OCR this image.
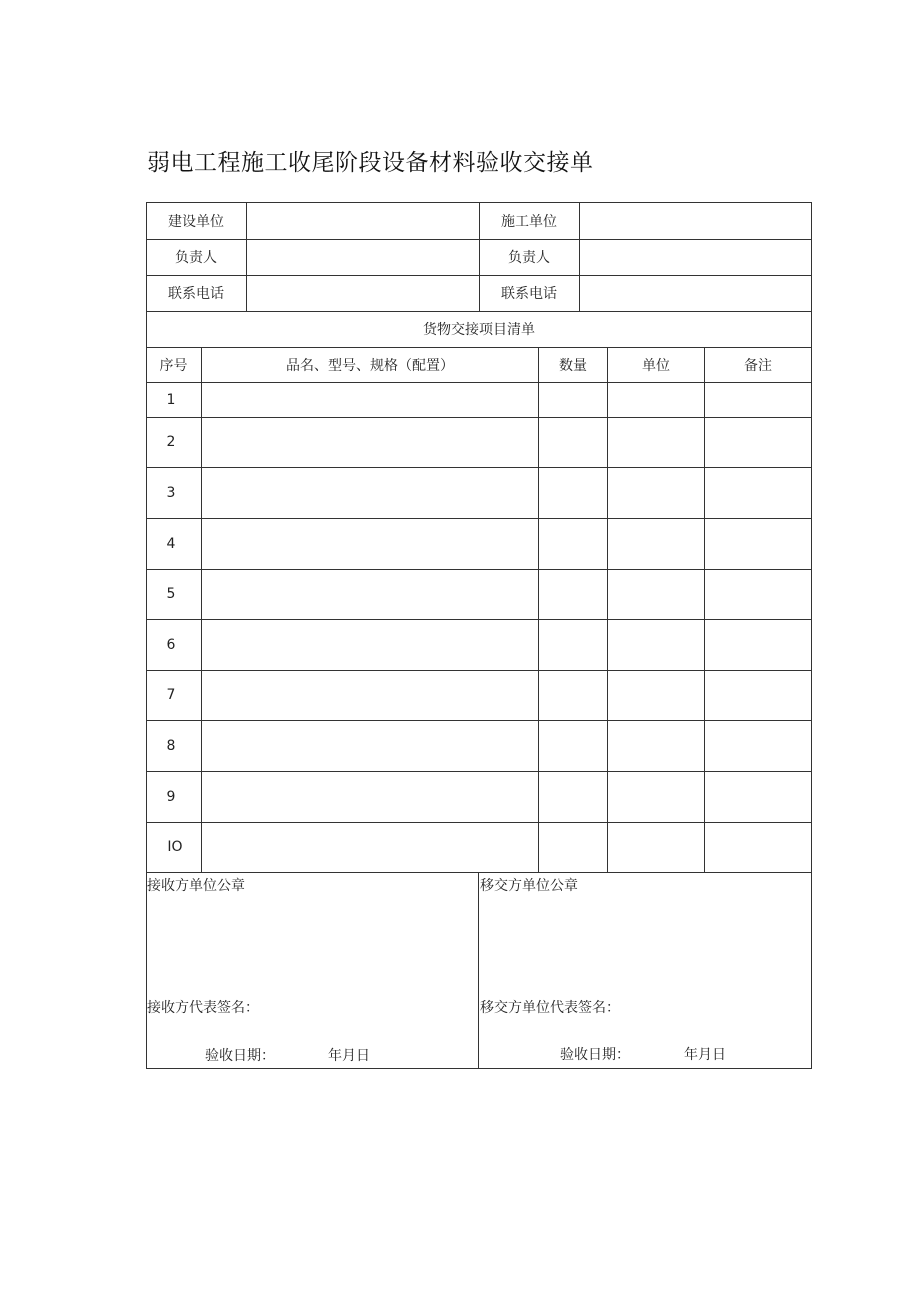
弱电工程施工收尾阶段设备材料验收交接单
建设单位	施工单位
负责人	负责人
联系电话	联系电话
货物交接项目清单
序号	品名、型号、规格（配置）	数量	单位	备注
1
2
3
4
5
6
7
8
9
IO
接收方单位公章	移交方单位公章
接收方代表签名：	移交方单位代表签名：
验收日期：	年月日	验收日期：	年月日
